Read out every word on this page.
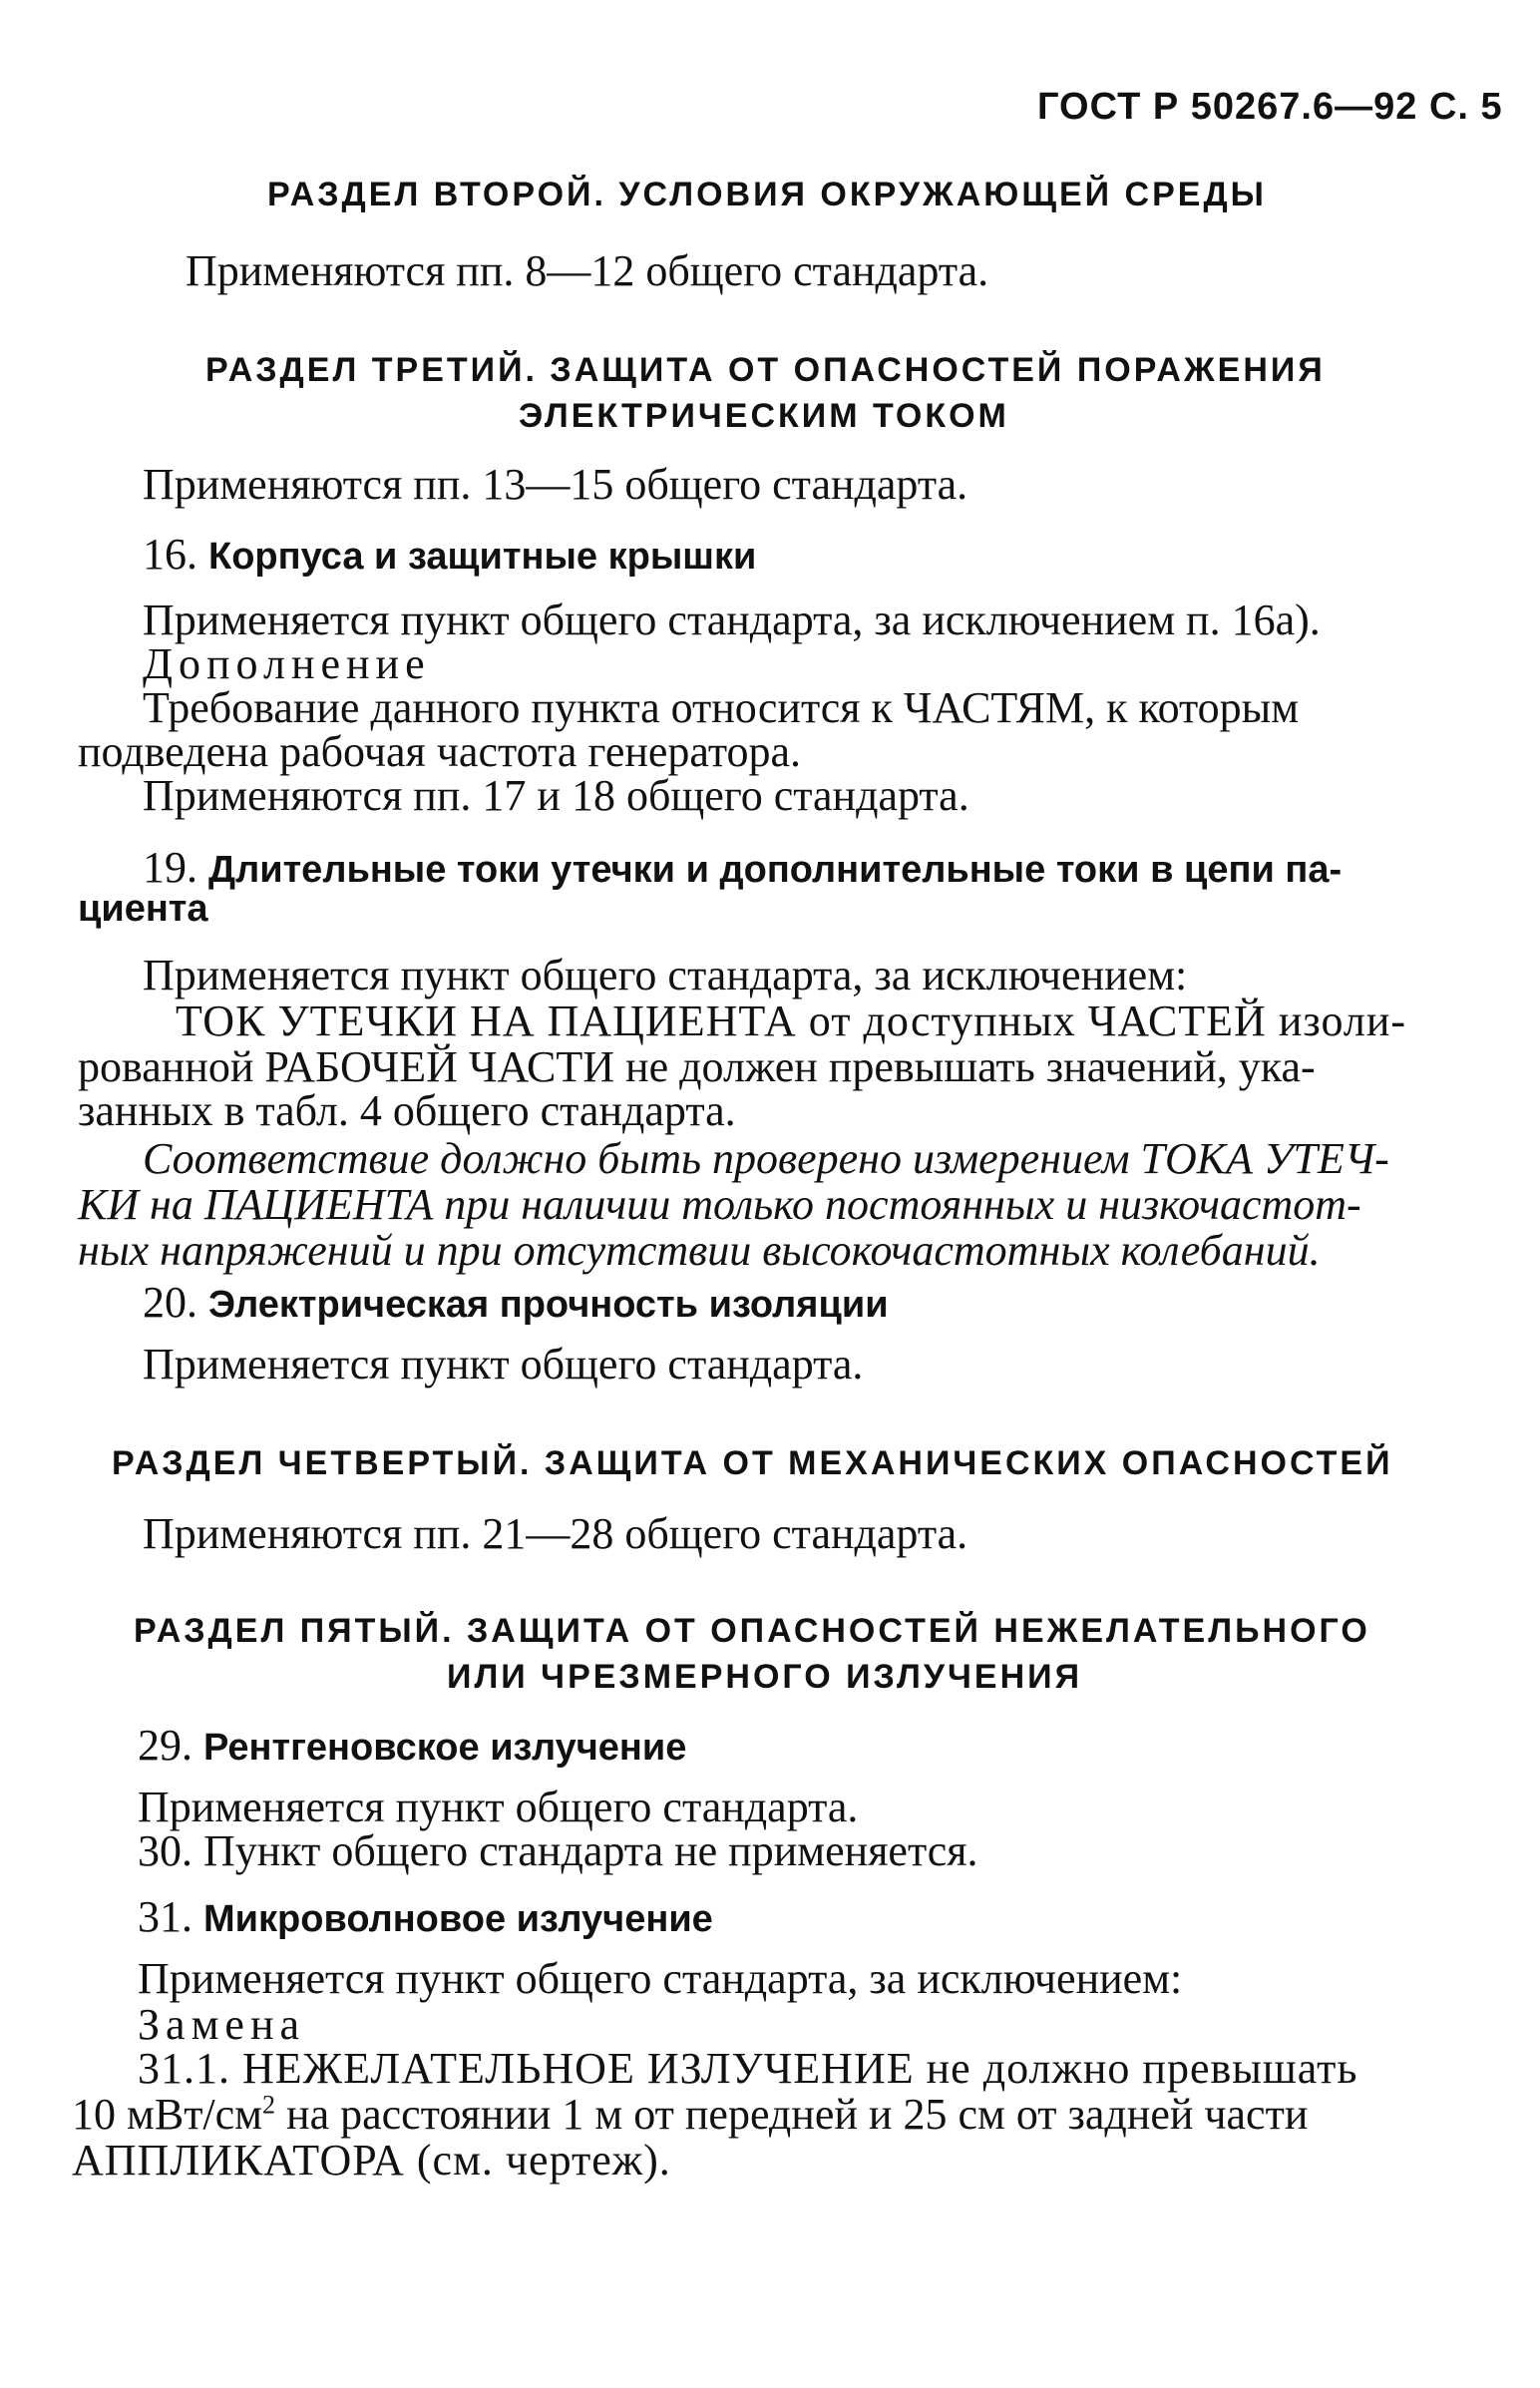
ГОСТ Р 50267.6—92 С. 5
РАЗДЕЛ ВТОРОЙ. УСЛОВИЯ ОКРУЖАЮЩЕЙ СРЕДЫ
Применяются пп. 8—12 общего стандарта.
РАЗДЕЛ ТРЕТИЙ. ЗАЩИТА ОТ ОПАСНОСТЕЙ ПОРАЖЕНИЯ
ЭЛЕКТРИЧЕСКИМ ТОКОМ
Применяются пп. 13—15 общего стандарта.
16. Корпуса и защитные крышки
Применяется пункт общего стандарта, за исключением п. 16а).
Дополнение
Требование данного пункта относится к ЧАСТЯМ, к которым
подведена рабочая частота генератора.
Применяются пп. 17 и 18 общего стандарта.
19. Длительные токи утечки и дополнительные токи в цепи па-
циента
Применяется пункт общего стандарта, за исключением:
ТОК УТЕЧКИ НА ПАЦИЕНТА от доступных ЧАСТЕЙ изоли-
рованной РАБОЧЕЙ ЧАСТИ не должен превышать значений, ука-
занных в табл. 4 общего стандарта.
Соответствие должно быть проверено измерением ТОКА УТЕЧ-
КИ на ПАЦИЕНТА при наличии только постоянных и низкочастот-
ных напряжений и при отсутствии высокочастотных колебаний.
20. Электрическая прочность изоляции
Применяется пункт общего стандарта.
РАЗДЕЛ ЧЕТВЕРТЫЙ. ЗАЩИТА ОТ МЕХАНИЧЕСКИХ ОПАСНОСТЕЙ
Применяются пп. 21—28 общего стандарта.
РАЗДЕЛ ПЯТЫЙ. ЗАЩИТА ОТ ОПАСНОСТЕЙ НЕЖЕЛАТЕЛЬНОГО
ИЛИ ЧРЕЗМЕРНОГО ИЗЛУЧЕНИЯ
29. Рентгеновское излучение
Применяется пункт общего стандарта.
30. Пункт общего стандарта не применяется.
31. Микроволновое излучение
Применяется пункт общего стандарта, за исключением:
Замена
31.1. НЕЖЕЛАТЕЛЬНОЕ ИЗЛУЧЕНИЕ не должно превышать
10 мВт/$см^2$ на расстоянии 1 м от передней и 25 см от задней части
АППЛИКАТОРА (см. чертеж).
